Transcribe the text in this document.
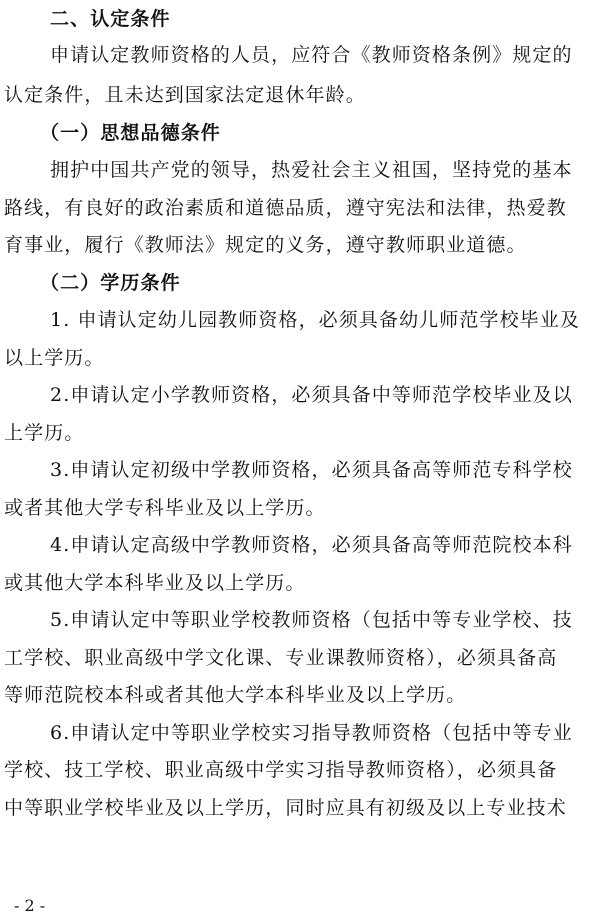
二、认定条件
申请认定教师资格的人员，应符合《教师资格条例》规定的
认定条件，且未达到国家法定退休年龄。
（一）思想品德条件
拥护中国共产党的领导，热爱社会主义祖国，坚持党的基本
路线，有良好的政治素质和道德品质，遵守宪法和法律，热爱教
育事业，履行《教师法》规定的义务，遵守教师职业道德。
（二）学历条件
1. 申请认定幼儿园教师资格，必须具备幼儿师范学校毕业及
以上学历。
2.申请认定小学教师资格，必须具备中等师范学校毕业及以
上学历。
3.申请认定初级中学教师资格，必须具备高等师范专科学校
或者其他大学专科毕业及以上学历。
4.申请认定高级中学教师资格，必须具备高等师范院校本科
或其他大学本科毕业及以上学历。
5.申请认定中等职业学校教师资格（包括中等专业学校、技
工学校、职业高级中学文化课、专业课教师资格），必须具备高
等师范院校本科或者其他大学本科毕业及以上学历。
6.申请认定中等职业学校实习指导教师资格（包括中等专业
学校、技工学校、职业高级中学实习指导教师资格），必须具备
中等职业学校毕业及以上学历，同时应具有初级及以上专业技术
- 2 -
